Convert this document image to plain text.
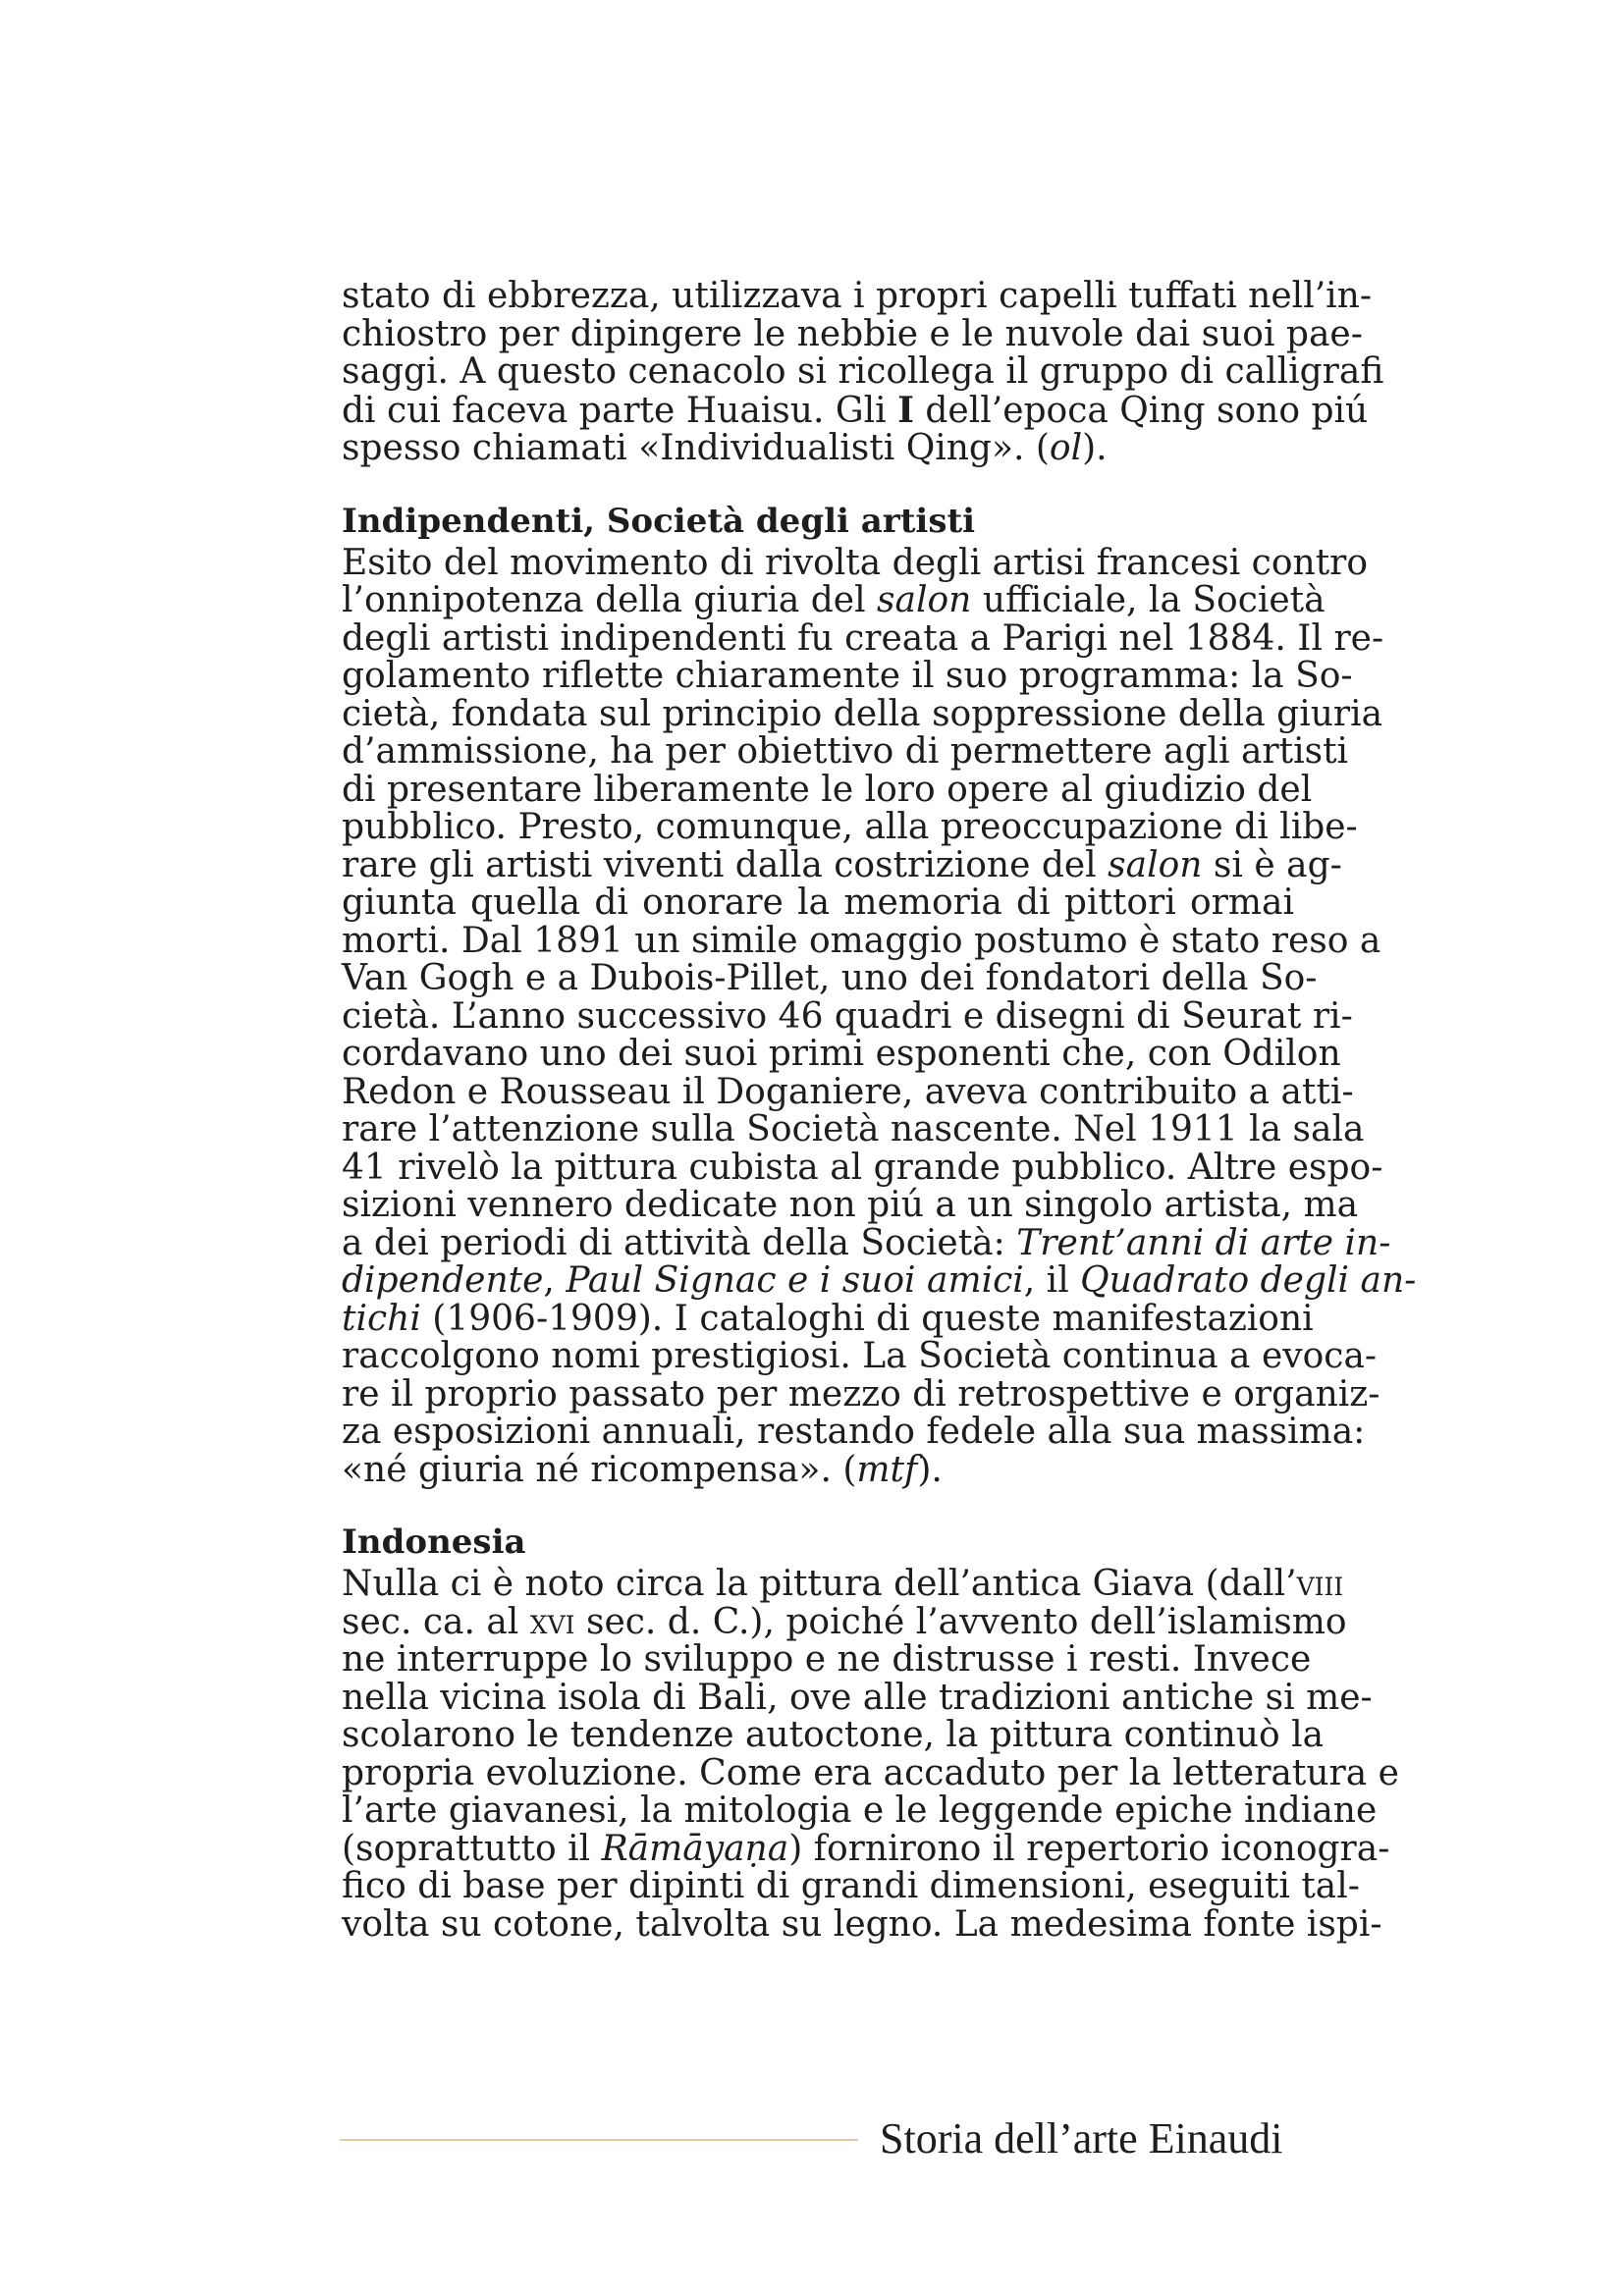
stato di ebbrezza, utilizzava i propri capelli tuffati nell’in-
chiostro per dipingere le nebbie e le nuvole dai suoi pae-
saggi. A questo cenacolo si ricollega il gruppo di calligrafi
di cui faceva parte Huaisu. Gli I dell’epoca Qing sono piú
spesso chiamati «Individualisti Qing». (ol).
Indipendenti, Società degli artisti
Esito del movimento di rivolta degli artisi francesi contro
l’onnipotenza della giuria del salon ufficiale, la Società
degli artisti indipendenti fu creata a Parigi nel 1884. Il re-
golamento riflette chiaramente il suo programma: la So-
cietà, fondata sul principio della soppressione della giuria
d’ammissione, ha per obiettivo di permettere agli artisti
di presentare liberamente le loro opere al giudizio del
pubblico. Presto, comunque, alla preoccupazione di libe-
rare gli artisti viventi dalla costrizione del salon si è ag-
giunta quella di onorare la memoria di pittori ormai
morti. Dal 1891 un simile omaggio postumo è stato reso a
Van Gogh e a Dubois-Pillet, uno dei fondatori della So-
cietà. L’anno successivo 46 quadri e disegni di Seurat ri-
cordavano uno dei suoi primi esponenti che, con Odilon
Redon e Rousseau il Doganiere, aveva contribuito a atti-
rare l’attenzione sulla Società nascente. Nel 1911 la sala
41 rivelò la pittura cubista al grande pubblico. Altre espo-
sizioni vennero dedicate non piú a un singolo artista, ma
a dei periodi di attività della Società: Trent’anni di arte in-
dipendente, Paul Signac e i suoi amici, il Quadrato degli an-
tichi (1906-1909). I cataloghi di queste manifestazioni
raccolgono nomi prestigiosi. La Società continua a evoca-
re il proprio passato per mezzo di retrospettive e organiz-
za esposizioni annuali, restando fedele alla sua massima:
«né giuria né ricompensa». (mtf).
Indonesia
Nulla ci è noto circa la pittura dell’antica Giava (dall’viii
sec. ca. al xvi sec. d. C.), poiché l’avvento dell’islamismo
ne interruppe lo sviluppo e ne distrusse i resti. Invece
nella vicina isola di Bali, ove alle tradizioni antiche si me-
scolarono le tendenze autoctone, la pittura continuò la
propria evoluzione. Come era accaduto per la letteratura e
l’arte giavanesi, la mitologia e le leggende epiche indiane
(soprattutto il Rāmāyaṇa) fornirono il repertorio iconogra-
fico di base per dipinti di grandi dimensioni, eseguiti tal-
volta su cotone, talvolta su legno. La medesima fonte ispi-
Storia dell’arte Einaudi
